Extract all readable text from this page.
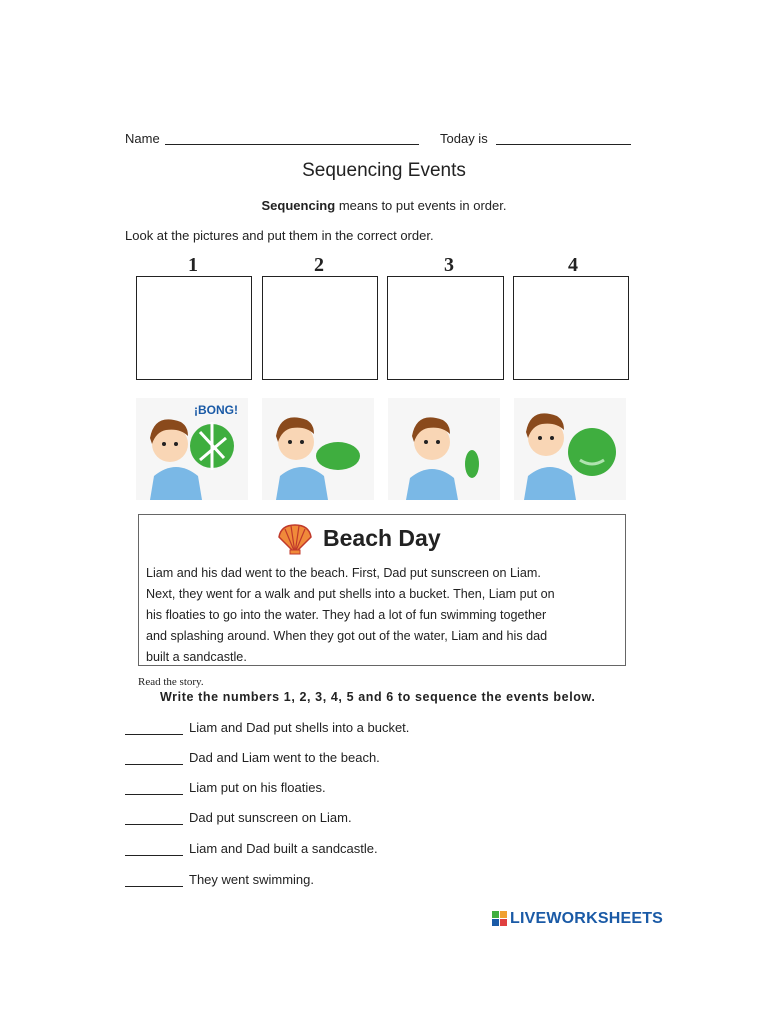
Name	Today is
Sequencing Events
Sequencing means to put events in order.
Look at the pictures and put them in the correct order.
1	2	3	4
¡BONG!
Beach Day
Liam and his dad went to the beach. First, Dad put sunscreen on Liam.
Next, they went for a walk and put shells into a bucket. Then, Liam put on
his floaties to go into the water. They had a lot of fun swimming together
and splashing around. When they got out of the water, Liam and his dad
built a sandcastle.
Read the story.
Write the numbers 1, 2, 3, 4, 5 and 6 to sequence the events below.
Liam and Dad put shells into a bucket.
Dad and Liam went to the beach.
Liam put on his floaties.
Dad put sunscreen on Liam.
Liam and Dad built a sandcastle.
They went swimming.
LIVEWORKSHEETS
